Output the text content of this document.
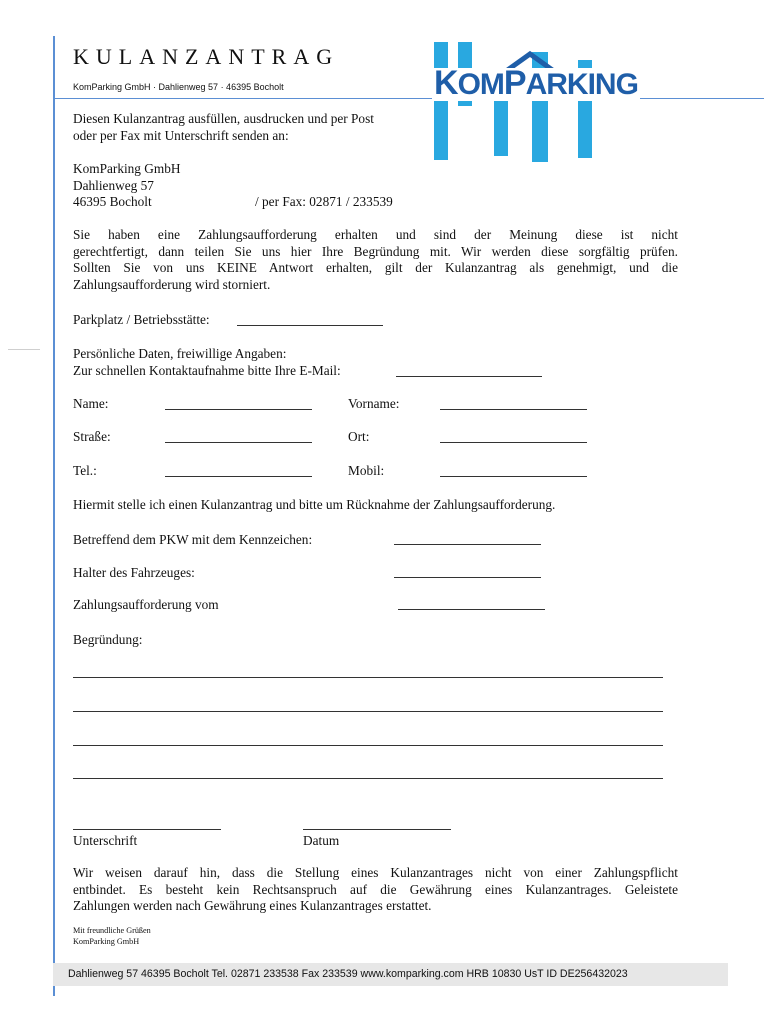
KULANZANTRAG
KomParking GmbH · Dahlienweg 57 · 46395 Bocholt	KOMPARKING
Diesen Kulanzantrag ausfüllen, ausdrucken und per Post
oder per Fax mit Unterschrift senden an:
KomParking GmbH
Dahlienweg 57
46395 Bocholt	/ per Fax: 02871 / 233539
Sie haben eine Zahlungsaufforderung erhalten und sind der Meinung diese ist nicht
gerechtfertigt, dann teilen Sie uns hier Ihre Begründung mit. Wir werden diese sorgfältig prüfen.
Sollten Sie von uns KEINE Antwort erhalten, gilt der Kulanzantrag als genehmigt, und die
Zahlungsaufforderung wird storniert.
Parkplatz / Betriebsstätte:
Persönliche Daten, freiwillige Angaben:
Zur schnellen Kontaktaufnahme bitte Ihre E-Mail:
Name:	Vorname:
Straße:	Ort:
Tel.:	Mobil:
Hiermit stelle ich einen Kulanzantrag und bitte um Rücknahme der Zahlungsaufforderung.
Betreffend dem PKW mit dem Kennzeichen:
Halter des Fahrzeuges:
Zahlungsaufforderung vom
Begründung:
Unterschrift	Datum
Wir weisen darauf hin, dass die Stellung eines Kulanzantrages nicht von einer Zahlungspflicht
entbindet. Es besteht kein Rechtsanspruch auf die Gewährung eines Kulanzantrages. Geleistete
Zahlungen werden nach Gewährung eines Kulanzantrages erstattet.
Mit freundliche Grüßen
KomParking GmbH
Dahlienweg 57 46395 Bocholt Tel. 02871 233538 Fax 233539 www.komparking.com HRB 10830 UsT ID DE256432023
